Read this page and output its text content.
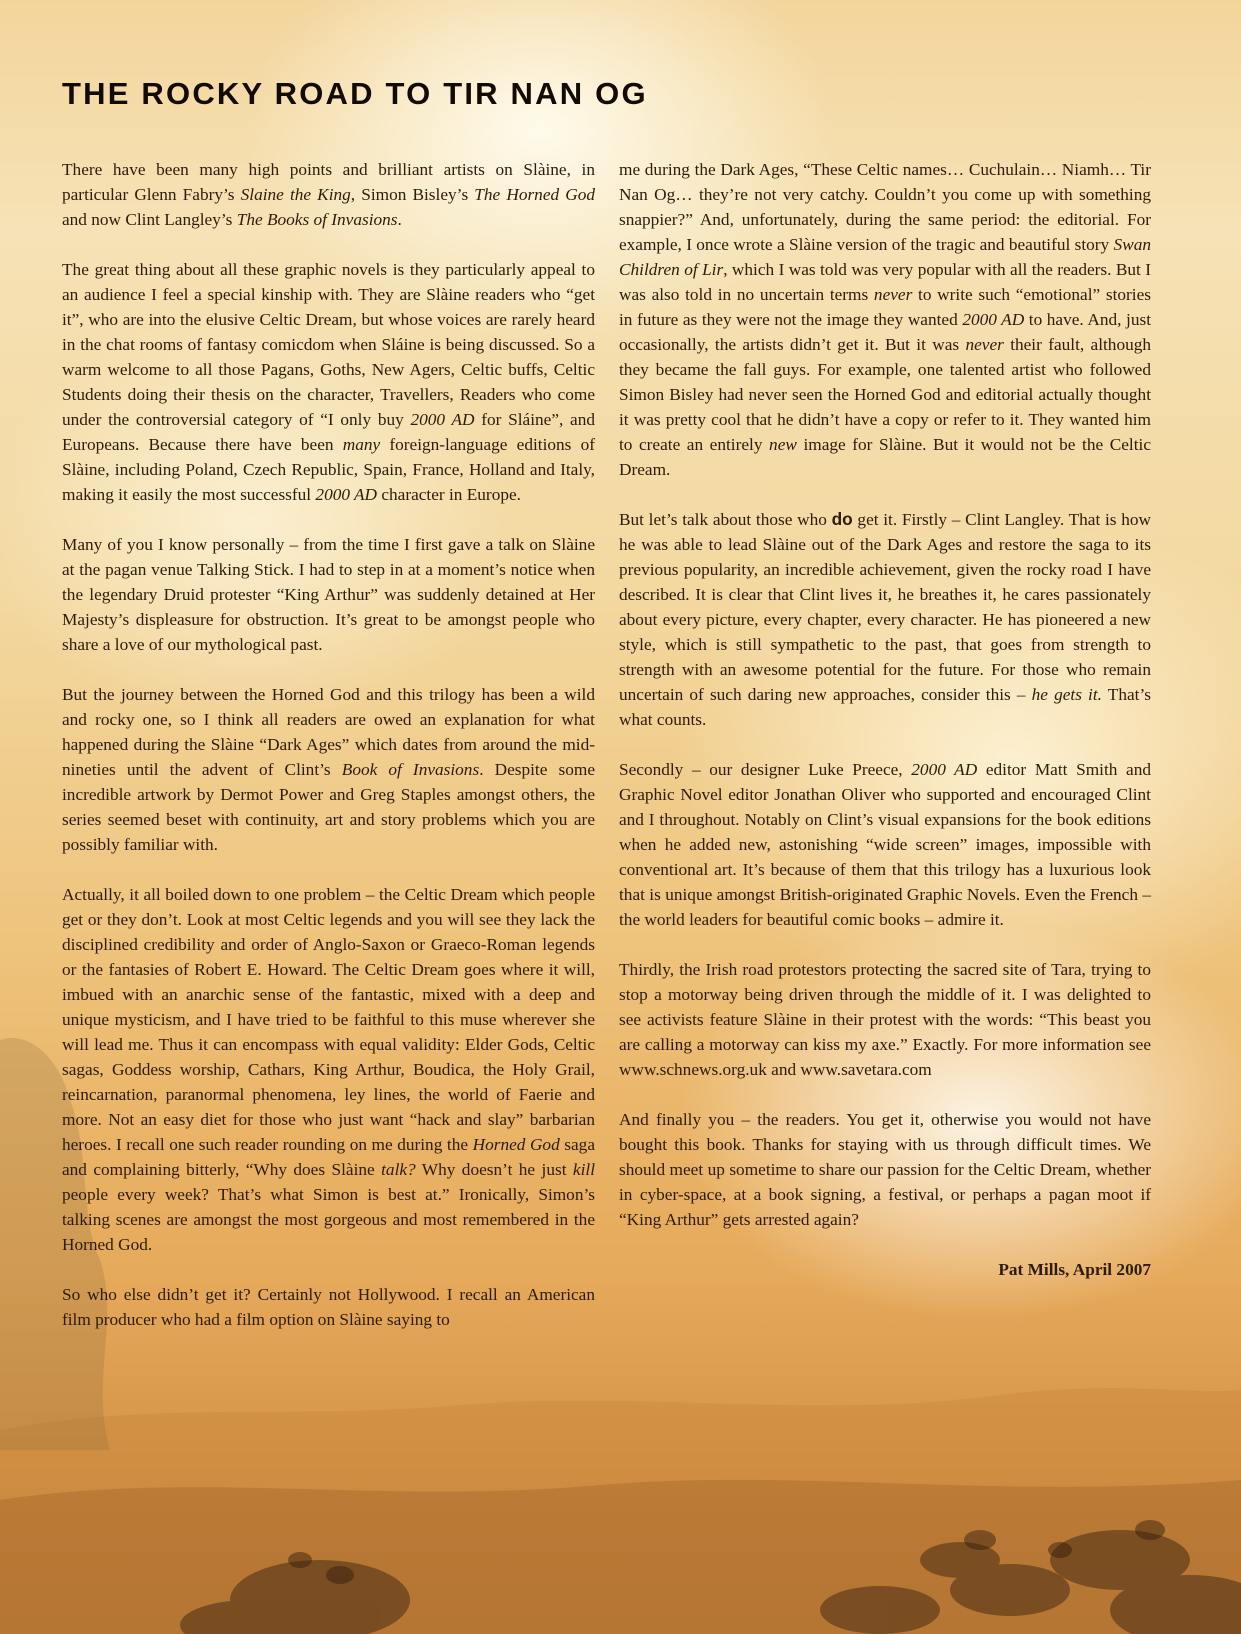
THE ROCKY ROAD TO TIR NAN OG

There have been many high points and brilliant artists on Slàine, in particular Glenn Fabry’s Slaine the King, Simon Bisley’s The Horned God and now Clint Langley’s The Books of Invasions.

The great thing about all these graphic novels is they particularly appeal to an audience I feel a special kinship with. They are Slàine readers who “get it”, who are into the elusive Celtic Dream, but whose voices are rarely heard in the chat rooms of fantasy comicdom when Sláine is being discussed. So a warm welcome to all those Pagans, Goths, New Agers, Celtic buffs, Celtic Students doing their thesis on the character, Travellers, Readers who come under the controversial category of “I only buy 2000 AD for Sláine”, and Europeans. Because there have been many foreign-language editions of Slàine, including Poland, Czech Republic, Spain, France, Holland and Italy, making it easily the most successful 2000 AD character in Europe.

Many of you I know personally – from the time I first gave a talk on Slàine at the pagan venue Talking Stick. I had to step in at a moment’s notice when the legendary Druid protester “King Arthur” was suddenly detained at Her Majesty’s displeasure for obstruction. It’s great to be amongst people who share a love of our mythological past.

But the journey between the Horned God and this trilogy has been a wild and rocky one, so I think all readers are owed an explanation for what happened during the Slàine “Dark Ages” which dates from around the mid-nineties until the advent of Clint’s Book of Invasions. Despite some incredible artwork by Dermot Power and Greg Staples amongst others, the series seemed beset with continuity, art and story problems which you are possibly familiar with.

Actually, it all boiled down to one problem – the Celtic Dream which people get or they don’t. Look at most Celtic legends and you will see they lack the disciplined credibility and order of Anglo-Saxon or Graeco-Roman legends or the fantasies of Robert E. Howard. The Celtic Dream goes where it will, imbued with an anarchic sense of the fantastic, mixed with a deep and unique mysticism, and I have tried to be faithful to this muse wherever she will lead me. Thus it can encompass with equal validity: Elder Gods, Celtic sagas, Goddess worship, Cathars, King Arthur, Boudica, the Holy Grail, reincarnation, paranormal phenomena, ley lines, the world of Faerie and more. Not an easy diet for those who just want “hack and slay” barbarian heroes. I recall one such reader rounding on me during the Horned God saga and complaining bitterly, “Why does Slàine talk? Why doesn’t he just kill people every week? That’s what Simon is best at.” Ironically, Simon’s talking scenes are amongst the most gorgeous and most remembered in the Horned God.

So who else didn’t get it? Certainly not Hollywood. I recall an American film producer who had a film option on Slàine saying to

me during the Dark Ages, “These Celtic names… Cuchulain… Niamh… Tir Nan Og… they’re not very catchy. Couldn’t you come up with something snappier?” And, unfortunately, during the same period: the editorial. For example, I once wrote a Slàine version of the tragic and beautiful story Swan Children of Lir, which I was told was very popular with all the readers. But I was also told in no uncertain terms never to write such “emotional” stories in future as they were not the image they wanted 2000 AD to have. And, just occasionally, the artists didn’t get it. But it was never their fault, although they became the fall guys. For example, one talented artist who followed Simon Bisley had never seen the Horned God and editorial actually thought it was pretty cool that he didn’t have a copy or refer to it. They wanted him to create an entirely new image for Slàine. But it would not be the Celtic Dream.

But let’s talk about those who do get it. Firstly – Clint Langley. That is how he was able to lead Slàine out of the Dark Ages and restore the saga to its previous popularity, an incredible achievement, given the rocky road I have described. It is clear that Clint lives it, he breathes it, he cares passionately about every picture, every chapter, every character. He has pioneered a new style, which is still sympathetic to the past, that goes from strength to strength with an awesome potential for the future. For those who remain uncertain of such daring new approaches, consider this – he gets it. That’s what counts.

Secondly – our designer Luke Preece, 2000 AD editor Matt Smith and Graphic Novel editor Jonathan Oliver who supported and encouraged Clint and I throughout. Notably on Clint’s visual expansions for the book editions when he added new, astonishing “wide screen” images, impossible with conventional art. It’s because of them that this trilogy has a luxurious look that is unique amongst British-originated Graphic Novels. Even the French – the world leaders for beautiful comic books – admire it.

Thirdly, the Irish road protestors protecting the sacred site of Tara, trying to stop a motorway being driven through the middle of it. I was delighted to see activists feature Slàine in their protest with the words: “This beast you are calling a motorway can kiss my axe.” Exactly. For more information see www.schnews.org.uk and www.savetara.com

And finally you – the readers. You get it, otherwise you would not have bought this book. Thanks for staying with us through difficult times. We should meet up sometime to share our passion for the Celtic Dream, whether in cyber-space, at a book signing, a festival, or perhaps a pagan moot if “King Arthur” gets arrested again?

Pat Mills, April 2007
